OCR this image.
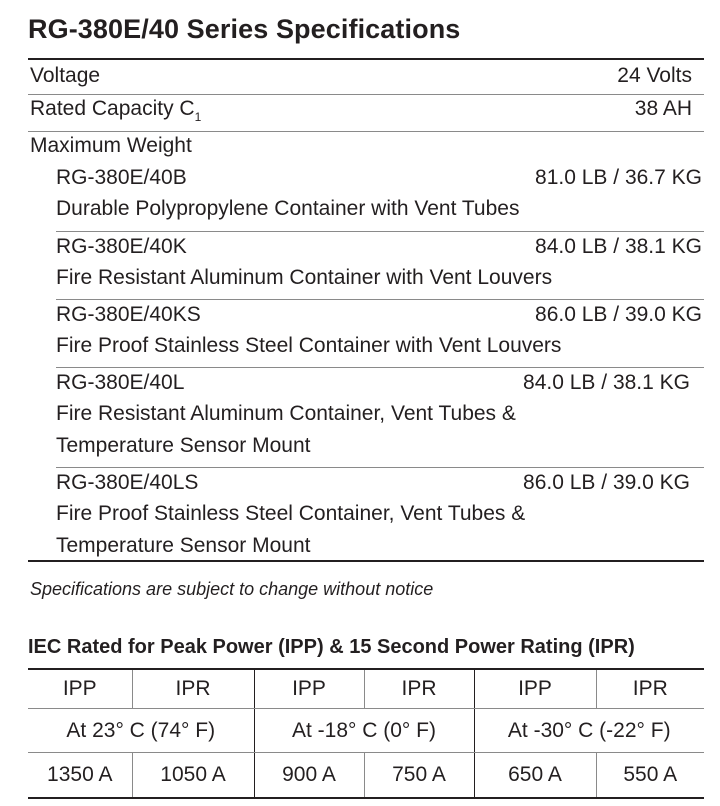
RG-380E/40 Series Specifications
Voltage	24 Volts
Rated Capacity $C_1$	38 AH
Maximum Weight
RG-380E/40B	81.0 LB / 36.7 KG
Durable Polypropylene Container with Vent Tubes
RG-380E/40K	84.0 LB / 38.1 KG
Fire Resistant Aluminum Container with Vent Louvers
RG-380E/40KS	86.0 LB / 39.0 KG
Fire Proof Stainless Steel Container with Vent Louvers
RG-380E/40L	84.0 LB / 38.1 KG
Fire Resistant Aluminum Container, Vent Tubes &
Temperature Sensor Mount
RG-380E/40LS	86.0 LB / 39.0 KG
Fire Proof Stainless Steel Container, Vent Tubes &
Temperature Sensor Mount
Specifications are subject to change without notice
IEC Rated for Peak Power (IPP) & 15 Second Power Rating (IPR)
IPP	IPR	IPP	IPR	IPP	IPR
At 23° C (74° F)		At -18° C (0° F)		At -30° C (-22° F)	
1350 A	1050 A	900 A	750 A	650 A	550 A
